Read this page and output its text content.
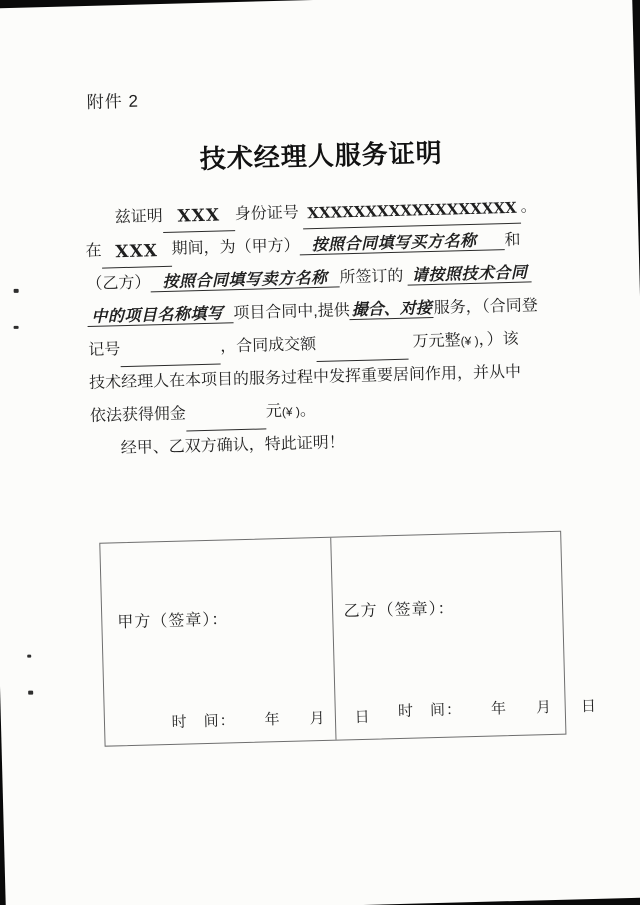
附件 2
技术经理人服务证明
兹证明 XXX 身份证号 XXXXXXXXXXXXXXXXXX 。
在 XXX 期间，为（甲方） 按照合同填写买方名称 和
（乙方） 按照合同填写卖方名称 所签订的 请按照技术合同
中的项目名称填写 项目合同中,提供撮合、对接服务，（合同登
记号	，合同成交额	万元整(¥ )，）该
技术经理人在本项目的服务过程中发挥重要居间作用，并从中
依法获得佣金	元(¥ )。
经甲、乙双方确认，特此证明！
甲方（签章）：

时　间： 年 月 日

乙方（签章）：

时　间： 年 月 日
